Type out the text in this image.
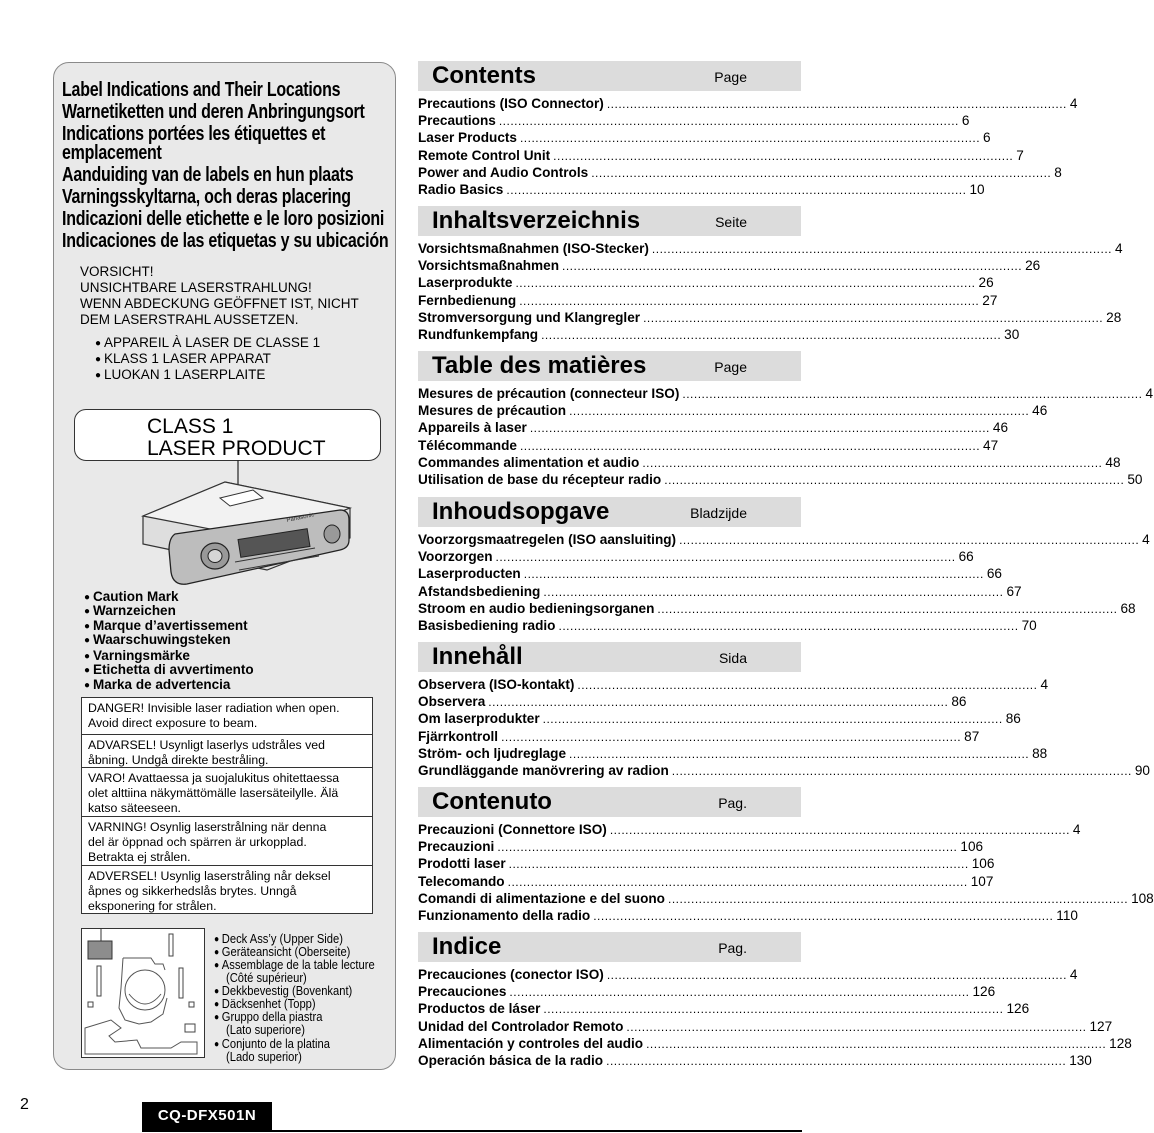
Label Indications and Their Locations
Warnetiketten und deren Anbringungsort
Indications portées les étiquettes et
emplacement
Aanduiding van de labels en hun plaats
Varningsskyltarna, och deras placering
Indicazioni delle etichette e le loro posizioni
Indicaciones de las etiquetas y su ubicación
VORSICHT!
UNSICHTBARE LASERSTRAHLUNG!
WENN ABDECKUNG GEÖFFNET IST, NICHT
DEM LASERSTRAHL AUSSETZEN.
● APPAREIL À LASER DE CLASSE 1
● KLASS 1 LASER APPARAT
● LUOKAN 1 LASERPLAITE
CLASS 1
LASER PRODUCT
Panasonic
● Caution Mark
● Warnzeichen
● Marque d’avertissement
● Waarschuwingsteken
● Varningsmärke
● Etichetta di avvertimento
● Marka de advertencia
DANGER! Invisible laser radiation when open.
Avoid direct exposure to beam.
ADVARSEL! Usynligt laserlys udstråles ved
åbning. Undgå direkte bestråling.
VARO! Avattaessa ja suojalukitus ohitettaessa
olet alttiina näkymättömälle lasersäteilylle. Älä
katso säteeseen.
VARNING! Osynlig laserstrålning när denna
del är öppnad och spärren är urkopplad.
Betrakta ej strålen.
ADVERSEL! Usynlig laserstråling når deksel
åpnes og sikkerhedslås brytes. Unngå
eksponering for strålen.
● Deck Ass’y (Upper Side)
● Geräteansicht (Oberseite)
● Assemblage de la table lecture
(Côté supérieur)
● Dekkbevestig (Bovenkant)
● Däcksenhet (Topp)
● Gruppo della piastra
(Lato superiore)
● Conjunto de la platina
(Lado superior)
Contents	Page
Precautions (ISO Connector) ........................................................................................................................ 4
Precautions ........................................................................................................................ 6
Laser Products ........................................................................................................................ 6
Remote Control Unit ........................................................................................................................ 7
Power and Audio Controls ........................................................................................................................ 8
Radio Basics ........................................................................................................................ 10
Inhaltsverzeichnis	Seite
Vorsichtsmaßnahmen (ISO-Stecker) ........................................................................................................................ 4
Vorsichtsmaßnahmen ........................................................................................................................ 26
Laserprodukte ........................................................................................................................ 26
Fernbedienung ........................................................................................................................ 27
Stromversorgung und Klangregler ........................................................................................................................ 28
Rundfunkempfang ........................................................................................................................ 30
Table des matières	Page
Mesures de précaution (connecteur ISO) ........................................................................................................................ 4
Mesures de précaution ........................................................................................................................ 46
Appareils à laser ........................................................................................................................ 46
Télécommande ........................................................................................................................ 47
Commandes alimentation et audio ........................................................................................................................ 48
Utilisation de base du récepteur radio ........................................................................................................................ 50
Inhoudsopgave	Bladzijde
Voorzorgsmaatregelen (ISO aansluiting) ........................................................................................................................ 4
Voorzorgen ........................................................................................................................ 66
Laserproducten ........................................................................................................................ 66
Afstandsbediening ........................................................................................................................ 67
Stroom en audio bedieningsorganen ........................................................................................................................ 68
Basisbediening radio ........................................................................................................................ 70
Innehåll	Sida
Observera (ISO-kontakt) ........................................................................................................................ 4
Observera ........................................................................................................................ 86
Om laserprodukter ........................................................................................................................ 86
Fjärrkontroll ........................................................................................................................ 87
Ström- och ljudreglage ........................................................................................................................ 88
Grundläggande manövrering av radion ........................................................................................................................ 90
Contenuto	Pag.
Precauzioni (Connettore ISO) ........................................................................................................................ 4
Precauzioni ........................................................................................................................ 106
Prodotti laser ........................................................................................................................ 106
Telecomando ........................................................................................................................ 107
Comandi di alimentazione e del suono ........................................................................................................................ 108
Funzionamento della radio ........................................................................................................................ 110
Indice	Pag.
Precauciones (conector ISO) ........................................................................................................................ 4
Precauciones ........................................................................................................................ 126
Productos de láser ........................................................................................................................ 126
Unidad del Controlador Remoto ........................................................................................................................ 127
Alimentación y controles del audio ........................................................................................................................ 128
Operación básica de la radio ........................................................................................................................ 130
2
CQ-DFX501N
